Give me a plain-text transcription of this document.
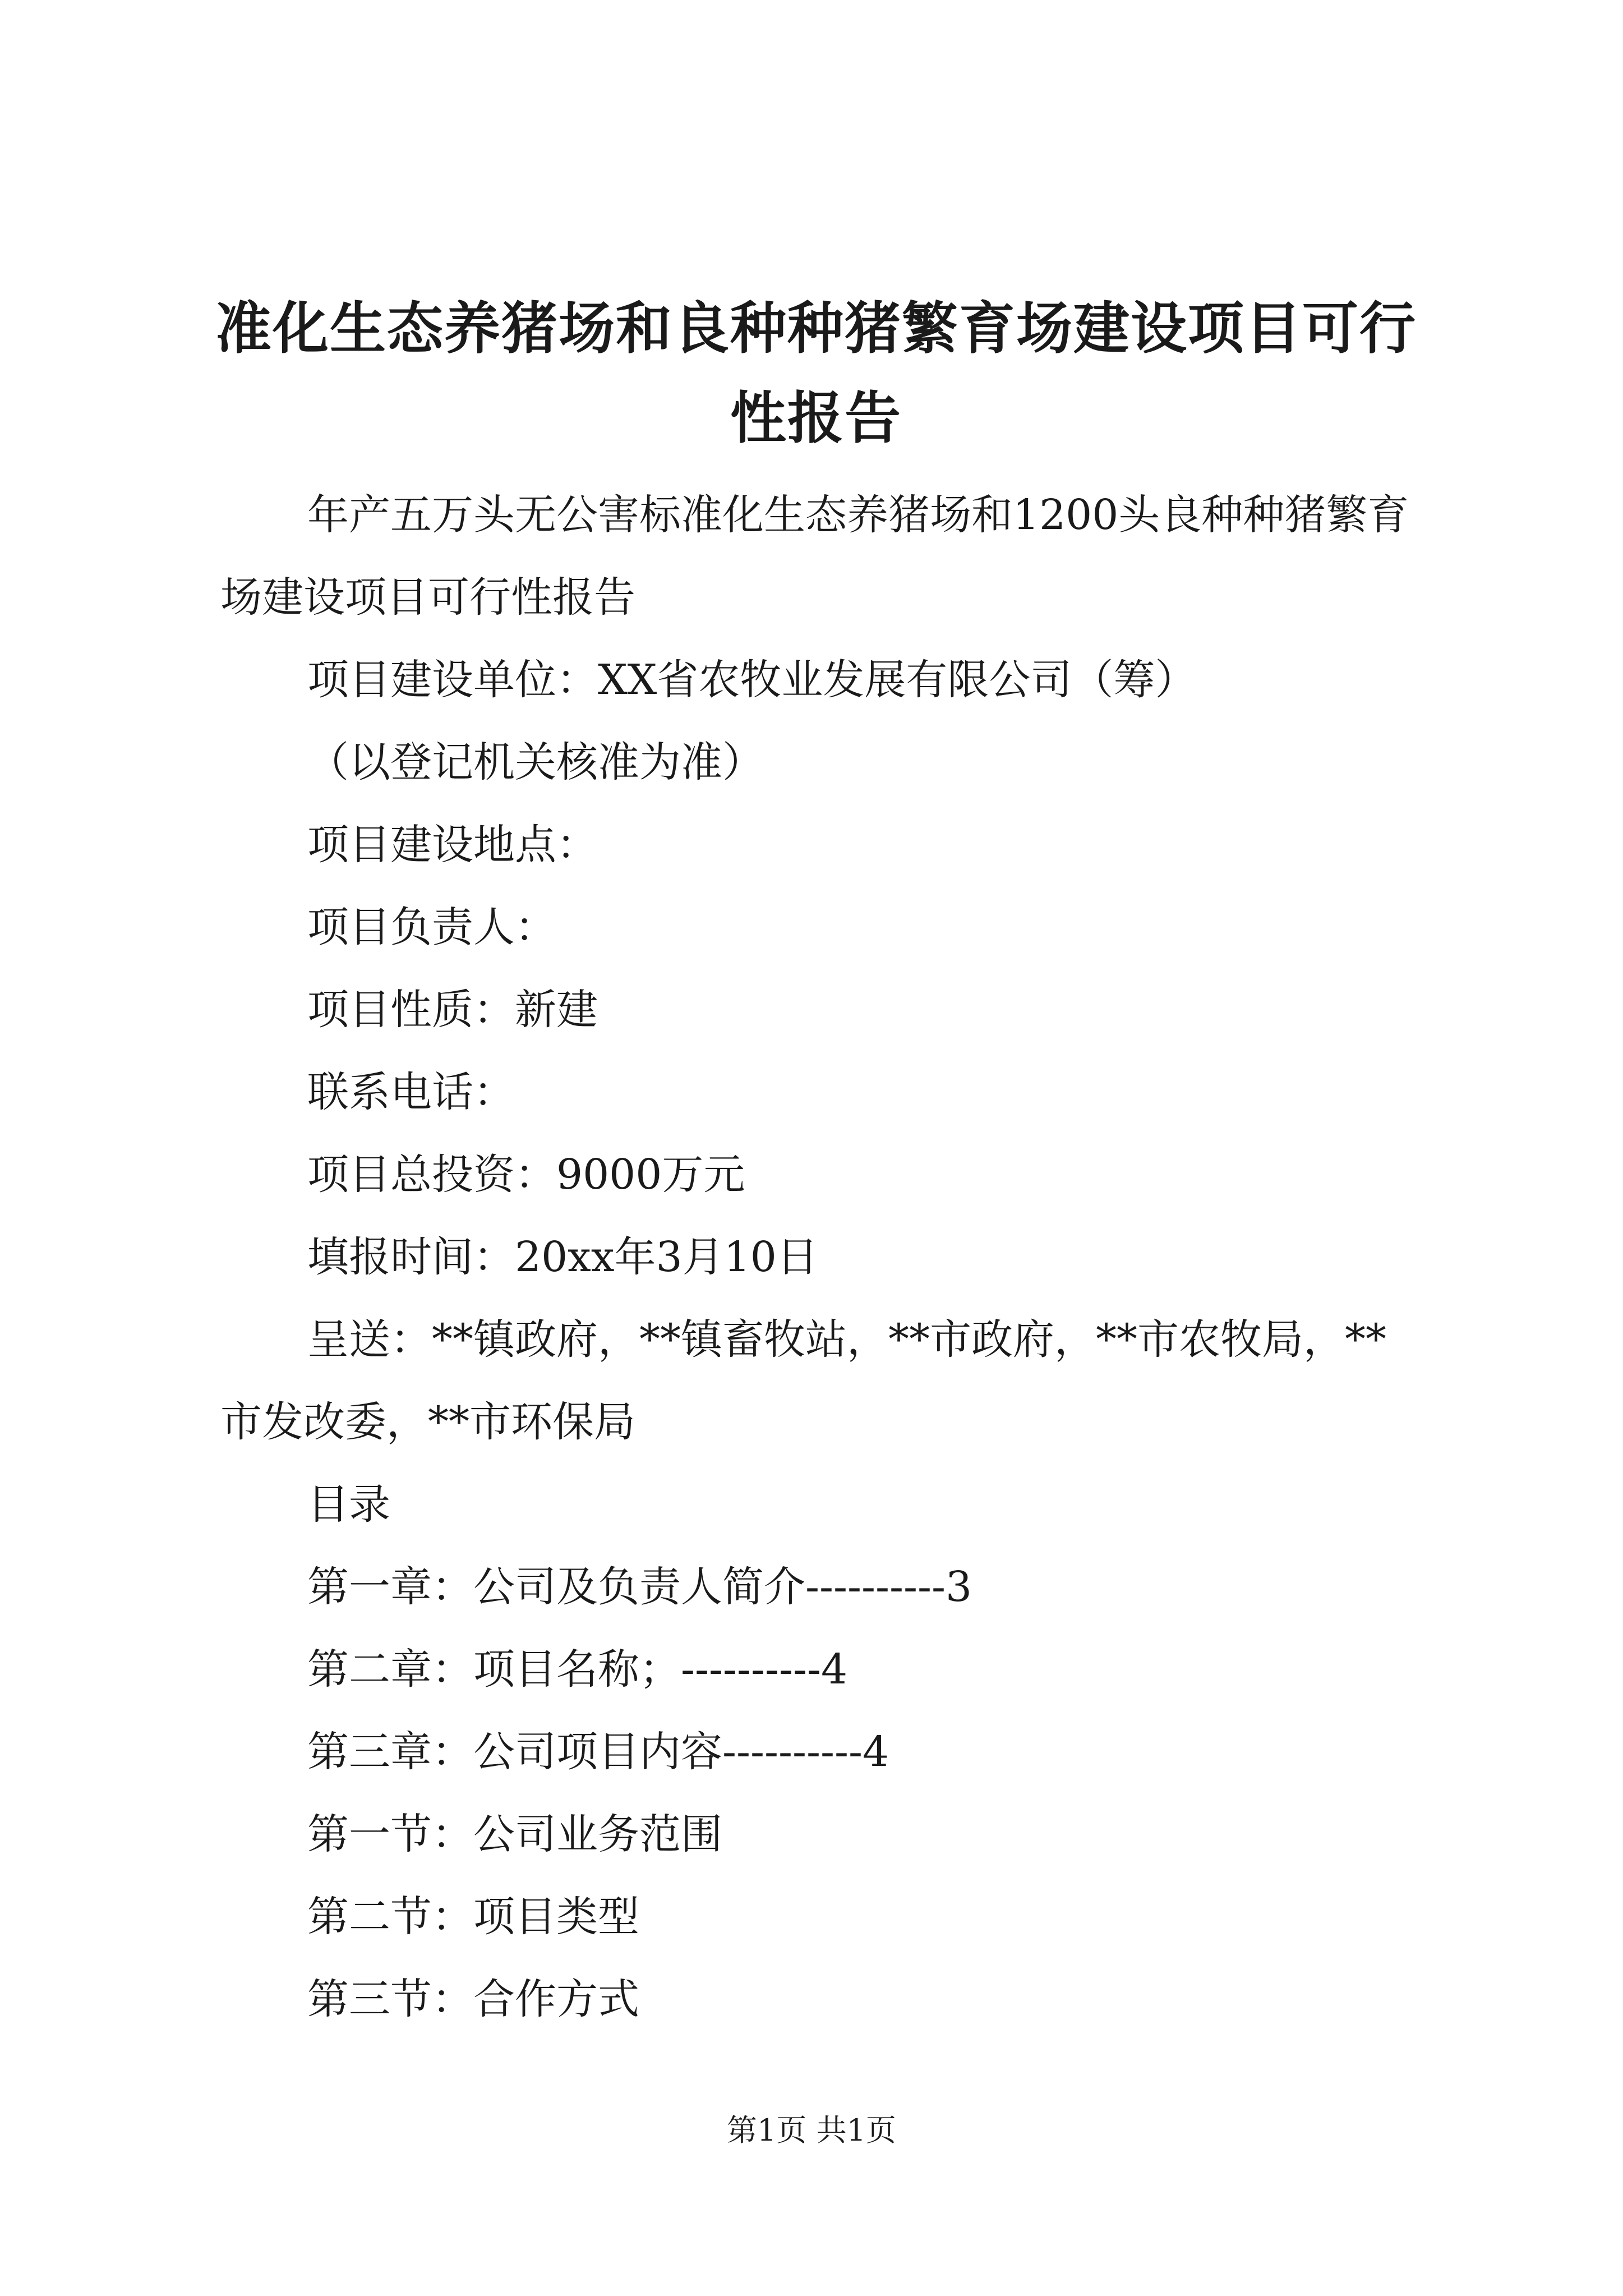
准化生态养猪场和良种种猪繁育场建设项目可行性报告

年产五万头无公害标准化生态养猪场和1200头良种种猪繁育场建设项目可行性报告

项目建设单位：XX省农牧业发展有限公司（筹）

（以登记机关核准为准）

项目建设地点：

项目负责人：

项目性质：新建

联系电话：

项目总投资：9000万元

填报时间：20xx年3月10日

呈送：**镇政府，**镇畜牧站，**市政府，**市农牧局，**市发改委，**市环保局

目录

第一章：公司及负责人简介----------3

第二章：项目名称；----------4

第三章：公司项目内容----------4

第一节：公司业务范围

第二节：项目类型

第三节：合作方式

第1页 共1页
